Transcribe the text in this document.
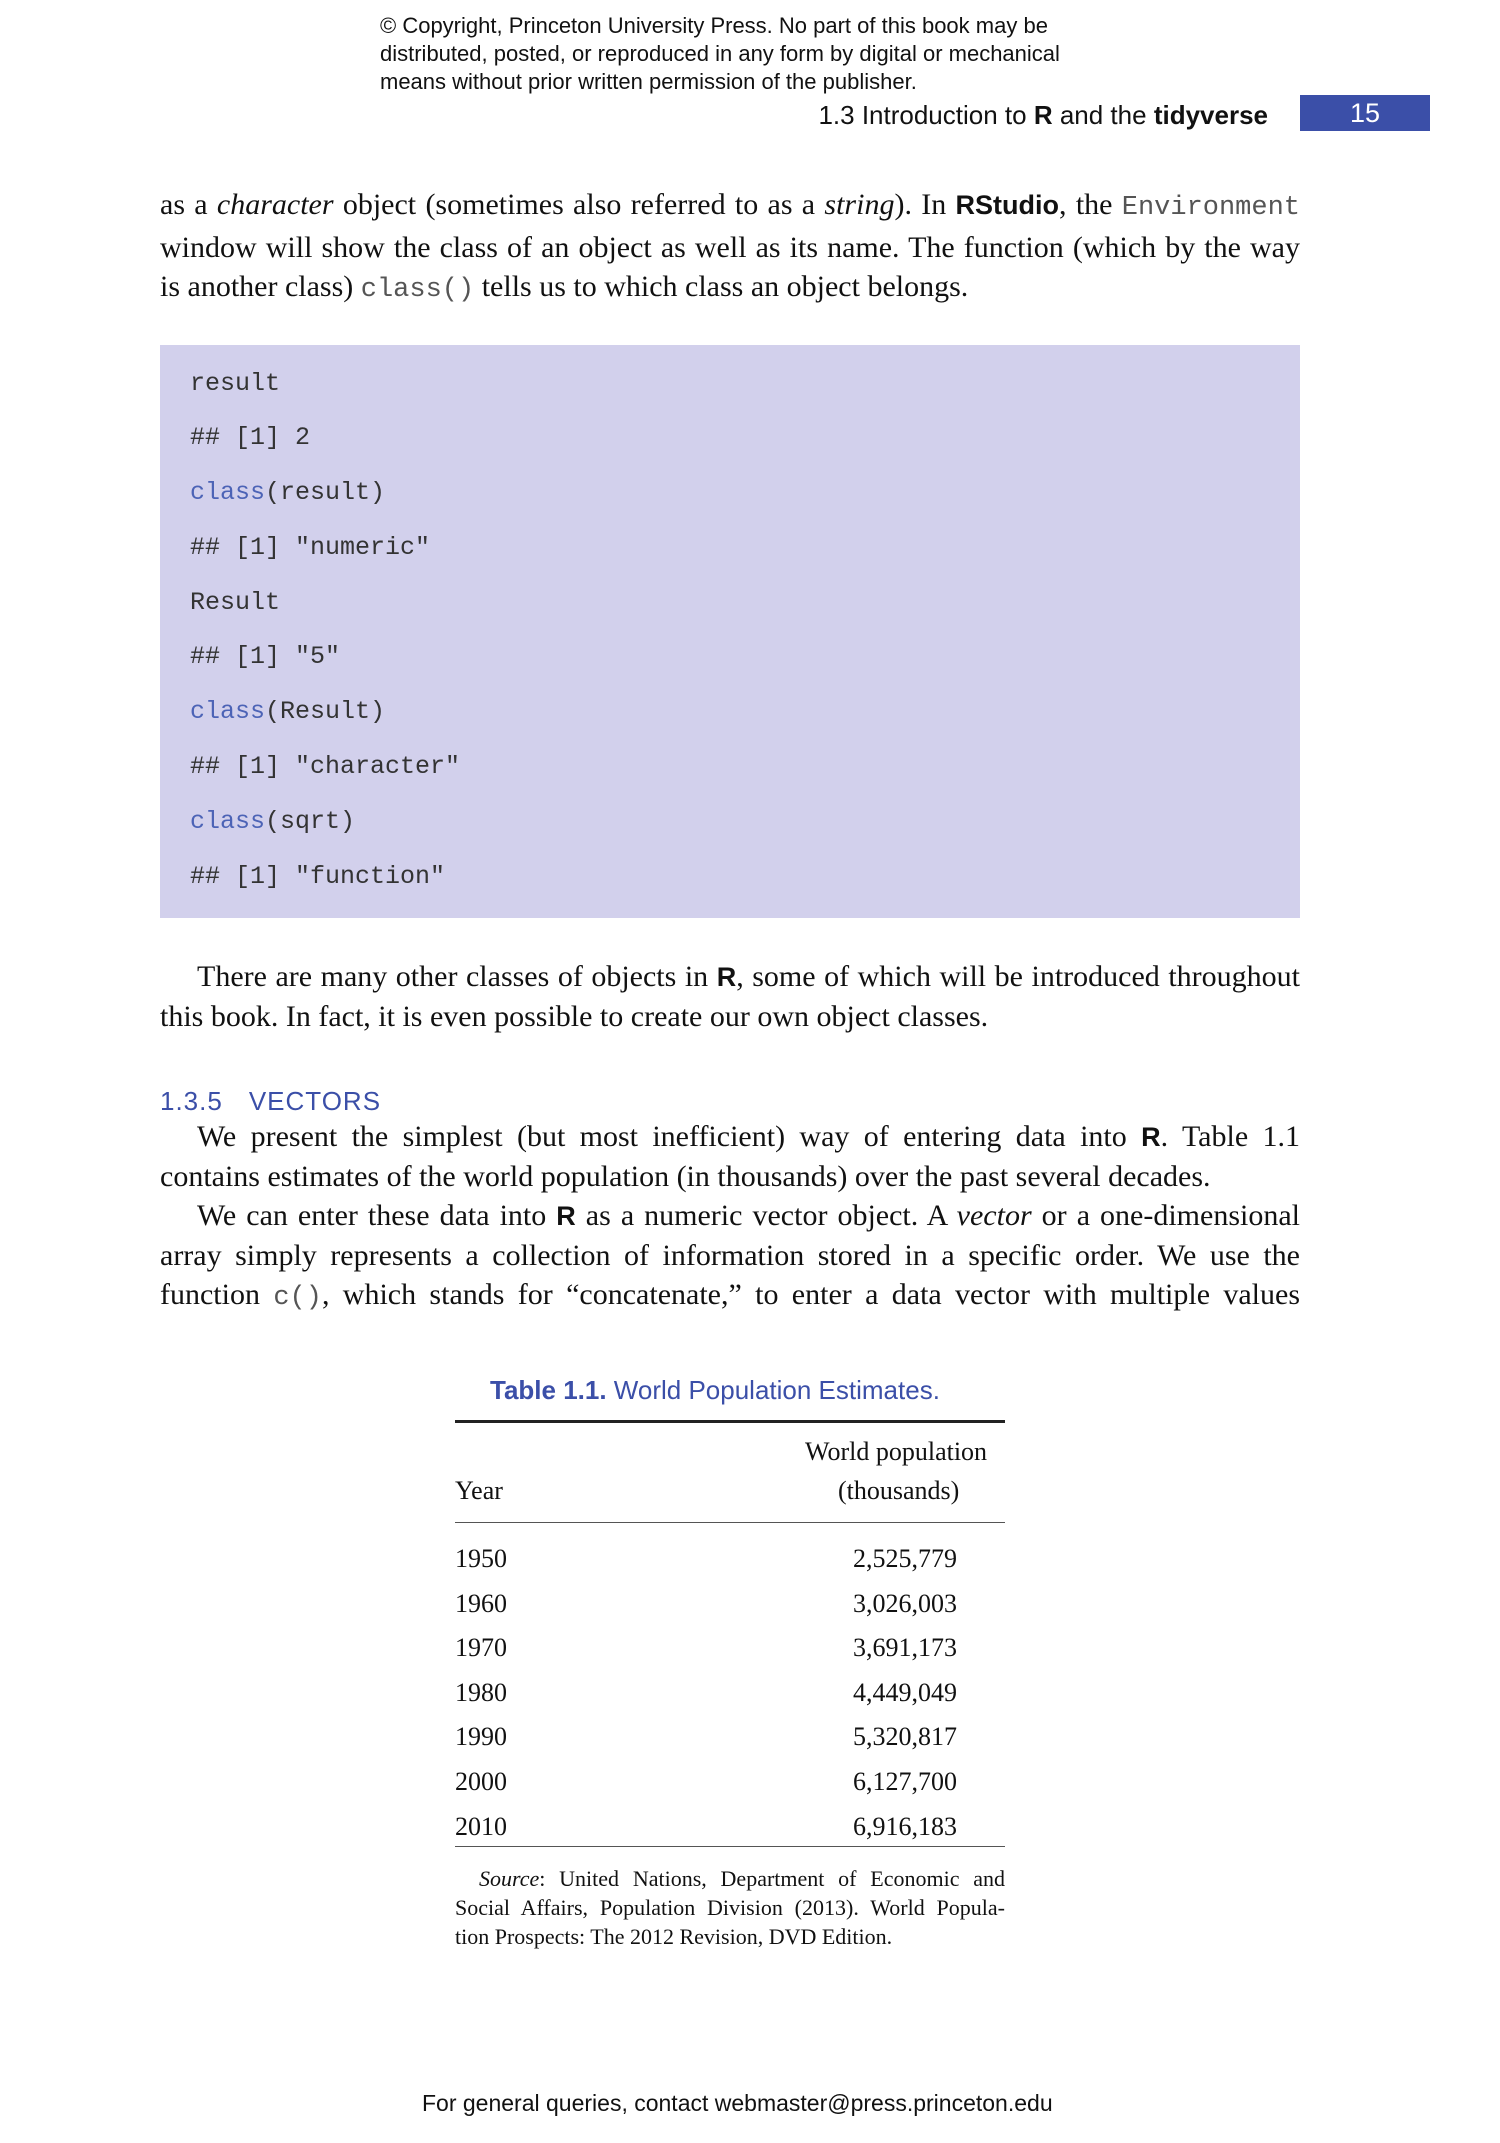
© Copyright, Princeton University Press. No part of this book may be
distributed, posted, or reproduced in any form by digital or mechanical
means without prior written permission of the publisher.
1.3 Introduction to R and the tidyverse	15
as a character object (sometimes also referred to as a string). In RStudio, the Environment
window will show the class of an object as well as its name. The function (which by the way
is another class) class() tells us to which class an object belongs.
result
## [1] 2
class(result)
## [1] "numeric"
Result
## [1] "5"
class(Result)
## [1] "character"
class(sqrt)
## [1] "function"
There are many other classes of objects in R, some of which will be introduced throughout
this book. In fact, it is even possible to create our own object classes.
1.3.5 VECTORS
We present the simplest (but most inefficient) way of entering data into R. Table 1.1
contains estimates of the world population (in thousands) over the past several decades.
We can enter these data into R as a numeric vector object. A vector or a one-dimensional
array simply represents a collection of information stored in a specific order. We use the
function c(), which stands for “concatenate,” to enter a data vector with multiple values
Table 1.1. World Population Estimates.
World population
Year	(thousands)
1950	2,525,779
1960	3,026,003
1970	3,691,173
1980	4,449,049
1990	5,320,817
2000	6,127,700
2010	6,916,183
Source: United Nations, Department of Economic and
Social Affairs, Population Division (2013). World Popula-
tion Prospects: The 2012 Revision, DVD Edition.
For general queries, contact webmaster@press.princeton.edu
